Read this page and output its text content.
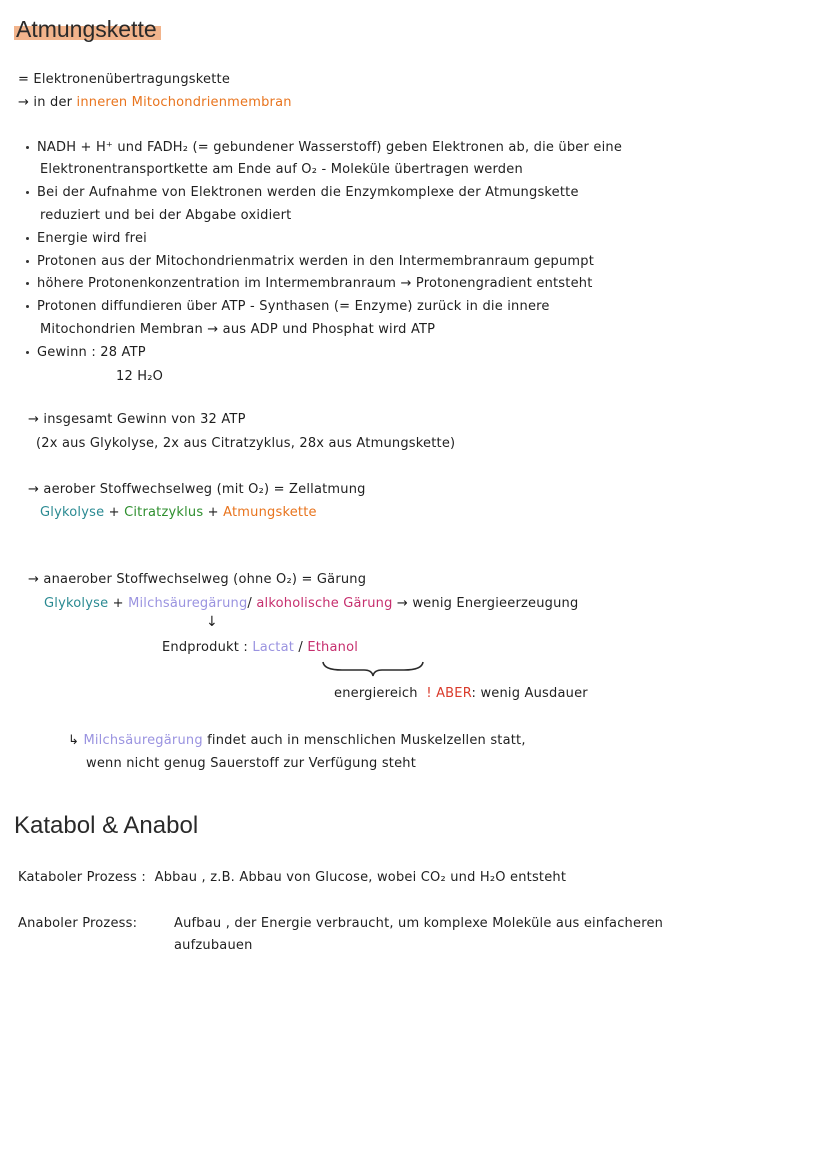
Atmungskette
= Elektronenübertragungskette
→ in der inneren Mitochondrienmembran
NADH + H⁺ und FADH₂ (= gebundener Wasserstoff) geben Elektronen ab, die über eine
Elektronentransportkette am Ende auf O₂ - Moleküle übertragen werden
Bei der Aufnahme von Elektronen werden die Enzymkomplexe der Atmungskette
reduziert und bei der Abgabe oxidiert
Energie wird frei
Protonen aus der Mitochondrienmatrix werden in den Intermembranraum gepumpt
höhere Protonenkonzentration im Intermembranraum → Protonengradient entsteht
Protonen diffundieren über ATP - Synthasen (= Enzyme) zurück in die innere
Mitochondrien Membran → aus ADP und Phosphat wird ATP
Gewinn : 28 ATP
12 H₂O
→ insgesamt Gewinn von 32 ATP
(2x aus Glykolyse, 2x aus Citratzyklus, 28x aus Atmungskette)
→ aerober Stoffwechselweg (mit O₂) = Zellatmung
Glykolyse + Citratzyklus + Atmungskette
→ anaerober Stoffwechselweg (ohne O₂) = Gärung
Glykolyse + Milchsäuregärung/ alkoholische Gärung → wenig Energieerzeugung
↓
Endprodukt : Lactat / Ethanol
energiereich ! ABER: wenig Ausdauer
↳ Milchsäuregärung findet auch in menschlichen Muskelzellen statt,
wenn nicht genug Sauerstoff zur Verfügung steht
Katabol & Anabol
Kataboler Prozess : Abbau , z.B. Abbau von Glucose, wobei CO₂ und H₂O entsteht
Anaboler Prozess:	Aufbau , der Energie verbraucht, um komplexe Moleküle aus einfacheren
aufzubauen
